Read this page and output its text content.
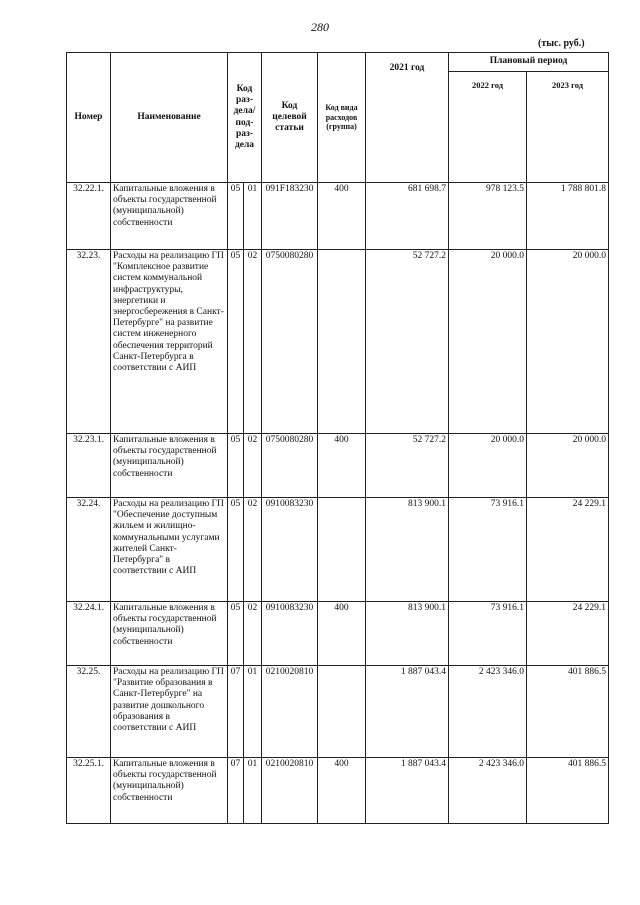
280
(тыс. руб.)
Номер	Наименование	Код раз-дела/ под-раз-дела		Код целевой статьи	Код вида расходов (группа)	2021 год	Плановый период	
							2022 год	2023 год
32.22.1.	Капитальные вложения в объекты государственной (муниципальной) собственности	05	01	091F183230	400	681 698.7	978 123.5	1 788 801.8
32.23.	Расходы на реализацию ГП "Комплексное развитие систем коммунальной инфраструктуры, энергетики и энергосбережения в Санкт-Петербурге" на развитие систем инженерного обеспечения территорий Санкт-Петербурга в соответствии с АИП	05	02	0750080280		52 727.2	20 000.0	20 000.0
32.23.1.	Капитальные вложения в объекты государственной (муниципальной) собственности	05	02	0750080280	400	52 727.2	20 000.0	20 000.0
32.24.	Расходы на реализацию ГП "Обеспечение доступным жильем и жилищно-коммунальными услугами жителей Санкт-Петербурга" в соответствии с АИП	05	02	0910083230		813 900.1	73 916.1	24 229.1
32.24.1.	Капитальные вложения в объекты государственной (муниципальной) собственности	05	02	0910083230	400	813 900.1	73 916.1	24 229.1
32.25.	Расходы на реализацию ГП "Развитие образования в Санкт-Петербурге" на развитие дошкольного образования в соответствии с АИП	07	01	0210020810		1 887 043.4	2 423 346.0	401 886.5
32.25.1.	Капитальные вложения в объекты государственной (муниципальной) собственности	07	01	0210020810	400	1 887 043.4	2 423 346.0	401 886.5
